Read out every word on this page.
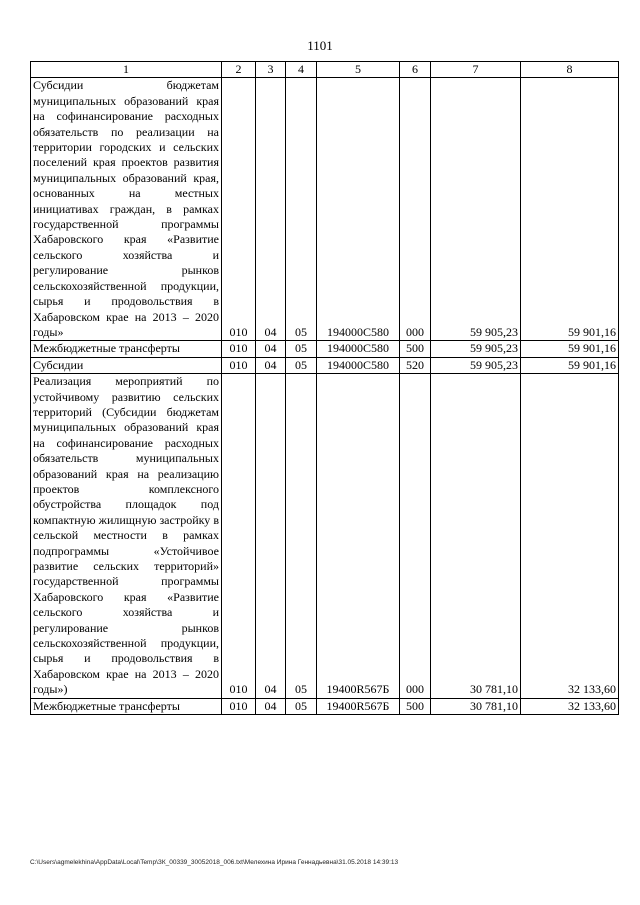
1101
1	2	3	4	5	6	7	8
Субсидии бюджетам муниципальных образований края на софинансирование расходных обязательств по реализации на территории городских и сельских поселений края проектов развития муниципальных образований края, основанных на местных инициативах граждан, в рамках государственной программы Хабаровского края «Развитие сельского хозяйства и регулирование рынков сельскохозяйственной продукции, сырья и продовольствия в Хабаровском крае на 2013 – 2020 годы»	010	04	05	194000С580	000	59 905,23	59 901,16
Межбюджетные трансферты	010	04	05	194000С580	500	59 905,23	59 901,16
Субсидии	010	04	05	194000С580	520	59 905,23	59 901,16
Реализация мероприятий по устойчивому развитию сельских территорий (Субсидии бюджетам муниципальных образований края на софинансирование расходных обязательств муниципальных образований края на реализацию проектов комплексного обустройства площадок под компактную жилищную застройку в сельской местности в рамках подпрограммы «Устойчивое развитие сельских территорий» государственной программы Хабаровского края «Развитие сельского хозяйства и регулирование рынков сельскохозяйственной продукции, сырья и продовольствия в Хабаровском крае на 2013 – 2020 годы»)	010	04	05	19400R567Б	000	30 781,10	32 133,60
Межбюджетные трансферты	010	04	05	19400R567Б	500	30 781,10	32 133,60
C:\Users\agmelekhina\AppData\Local\Temp\ЗК_00339_30052018_006.txt\Мелехина Ирина Геннадьевна\31.05.2018 14:39:13
